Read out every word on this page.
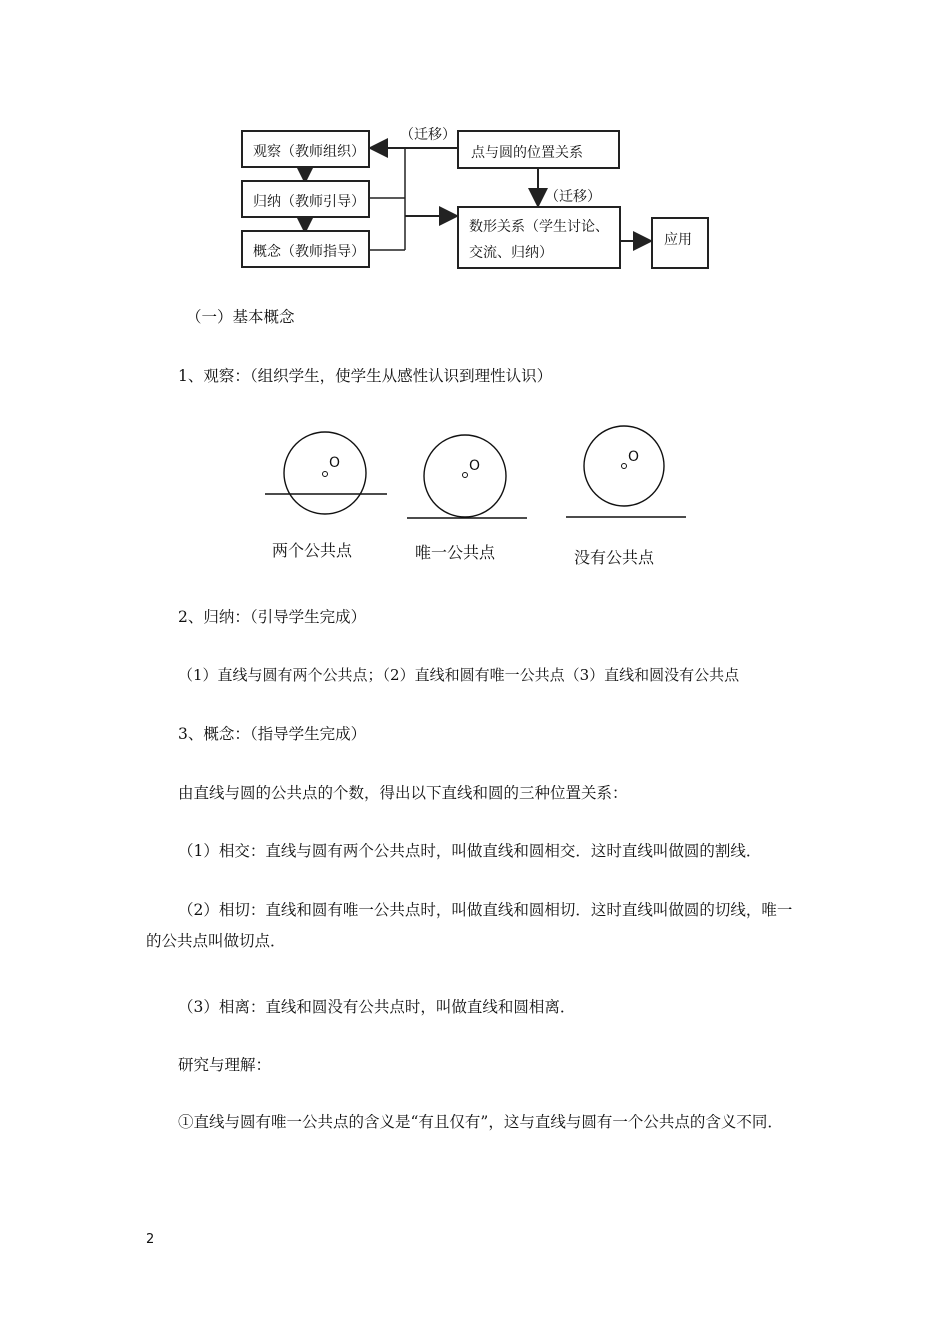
观察（教师组织）
归纳（教师引导）
概念（教师指导）
点与圆的位置关系
（迁移）
（迁移）
数形关系（学生讨论、
交流、归纳）
应用
（一）基本概念
1、观察：（组织学生，使学生从感性认识到理性认识）
O	O
O
两个公共点	唯一公共点	没有公共点
2、归纳：（引导学生完成）
（1）直线与圆有两个公共点；（2）直线和圆有唯一公共点（3）直线和圆没有公共点
3、概念：（指导学生完成）
由直线与圆的公共点的个数，得出以下直线和圆的三种位置关系：
（1）相交：直线与圆有两个公共点时，叫做直线和圆相交．这时直线叫做圆的割线．
（2）相切：直线和圆有唯一公共点时，叫做直线和圆相切．这时直线叫做圆的切线，唯一的公共点叫做切点．
（3）相离：直线和圆没有公共点时，叫做直线和圆相离．
研究与理解：
①直线与圆有唯一公共点的含义是“有且仅有”，这与直线与圆有一个公共点的含义不同．
2
